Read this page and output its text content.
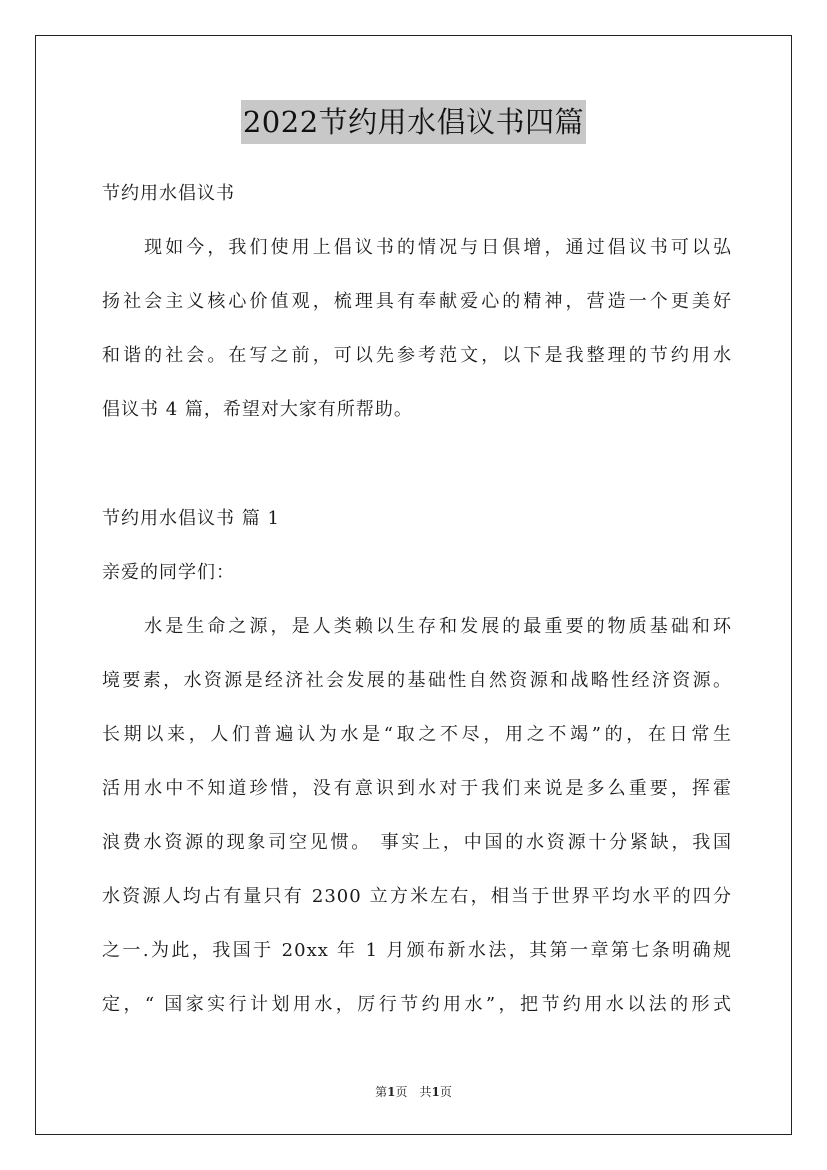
2022节约用水倡议书四篇
节约用水倡议书
　　现如今，我们使用上倡议书的情况与日俱增，通过倡议书可以弘
扬社会主义核心价值观，梳理具有奉献爱心的精神，营造一个更美好
和谐的社会。在写之前，可以先参考范文，以下是我整理的节约用水
倡议书 4 篇，希望对大家有所帮助。
节约用水倡议书 篇 1
亲爱的同学们：
　　水是生命之源，是人类赖以生存和发展的最重要的物质基础和环
境要素，水资源是经济社会发展的基础性自然资源和战略性经济资源。
长期以来，人们普遍认为水是“取之不尽，用之不竭”的，在日常生
活用水中不知道珍惜，没有意识到水对于我们来说是多么重要，挥霍
浪费水资源的现象司空见惯。 事实上，中国的水资源十分紧缺，我国
水资源人均占有量只有 2300 立方米左右，相当于世界平均水平的四分
之一.为此，我国于 20xx 年 1 月颁布新水法，其第一章第七条明确规
定，“ 国家实行计划用水，厉行节约用水”，把节约用水以法的形式
第1页　共1页
